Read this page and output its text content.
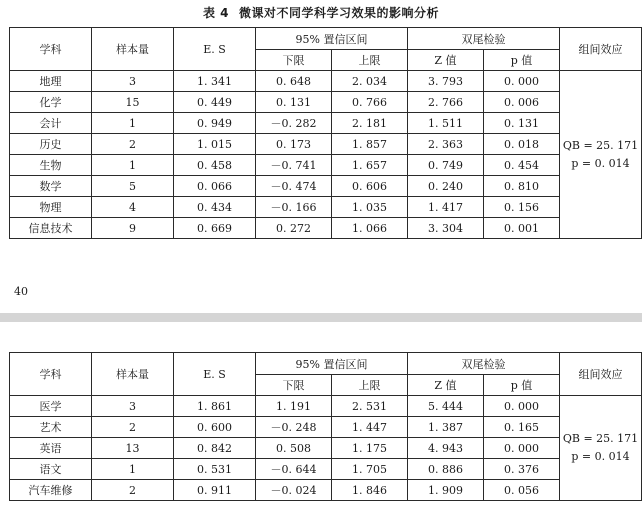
表 4 微课对不同学科学习效果的影响分析
学科	样本量	E. S	95% 置信区间		双尾检验		组间效应
			下限	上限	Z 值	p 值	
地理	3	1. 341	0. 648	2. 034	3. 793	0. 000	QB = 25. 171
p = 0. 014

化学	15	0. 449	0. 131	0. 766	2. 766	0. 006	
会计	1	0. 949	－0. 282	2. 181	1. 511	0. 131	
历史	2	1. 015	0. 173	1. 857	2. 363	0. 018	
生物	1	0. 458	－0. 741	1. 657	0. 749	0. 454	
数学	5	0. 066	－0. 474	0. 606	0. 240	0. 810	
物理	4	0. 434	－0. 166	1. 035	1. 417	0. 156	
信息技术	9	0. 669	0. 272	1. 066	3. 304	0. 001	
40
学科	样本量	E. S	95% 置信区间		双尾检验		组间效应
			下限	上限	Z 值	p 值	
医学	3	1. 861	1. 191	2. 531	5. 444	0. 000	QB = 25. 171
p = 0. 014

艺术	2	0. 600	－0. 248	1. 447	1. 387	0. 165	
英语	13	0. 842	0. 508	1. 175	4. 943	0. 000	
语文	1	0. 531	－0. 644	1. 705	0. 886	0. 376	
汽车维修	2	0. 911	－0. 024	1. 846	1. 909	0. 056	
